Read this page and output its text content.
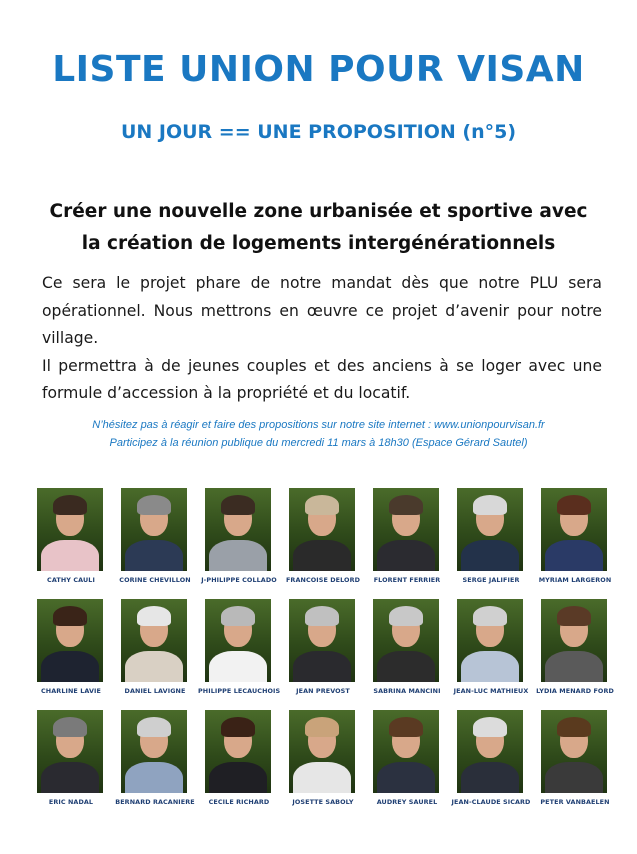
LISTE UNION POUR VISAN
UN JOUR == UNE PROPOSITION (n°5)
Créer une nouvelle zone urbanisée et sportive avec
la création de logements intergénérationnels

Ce sera le projet phare de notre mandat dès que notre PLU sera opérationnel. Nous mettrons en œuvre ce projet d’avenir pour notre village.

Il permettra à de jeunes couples et des anciens à se loger avec une formule d’accession à la propriété et du locatif.

N’hésitez pas à réagir et faire des propositions sur notre site internet : www.unionpourvisan.fr
Participez à la réunion publique du mercredi 11 mars à 18h30 (Espace Gérard Sautel)
CATHY CAULI	CORINE CHEVILLON	J-PHILIPPE COLLADO	FRANCOISE DELORD	FLORENT FERRIER	SERGE JALIFIER	MYRIAM LARGERON
CHARLINE LAVIE	DANIEL LAVIGNE	PHILIPPE LECAUCHOIS	JEAN PREVOST	SABRINA MANCINI	JEAN-LUC MATHIEUX	LYDIA MENARD FORD
ERIC NADAL	BERNARD RACANIERE	CECILE RICHARD	JOSETTE SABOLY	AUDREY SAUREL	JEAN-CLAUDE SICARD	PETER VANBAELEN
